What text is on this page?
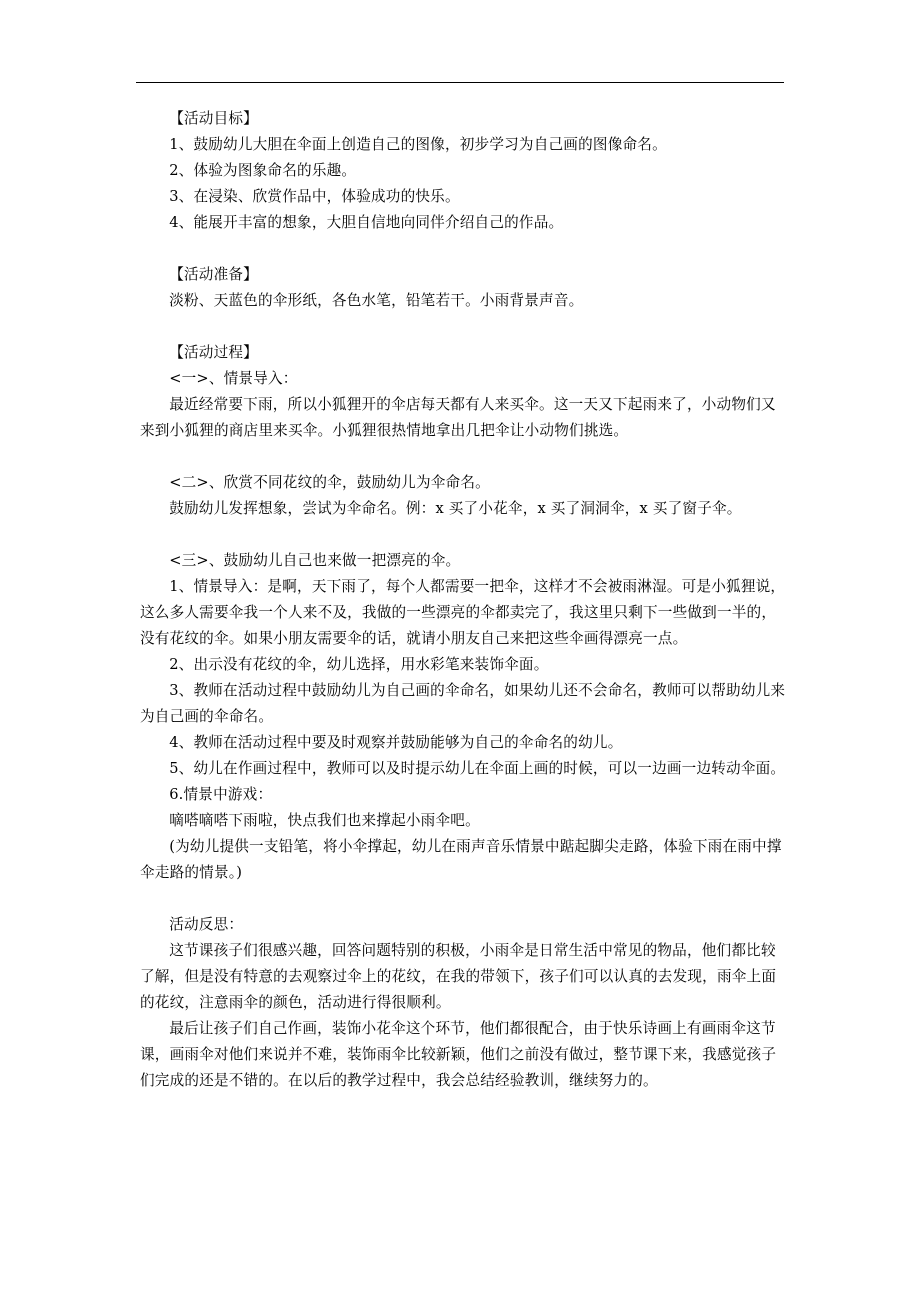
【活动目标】

1、鼓励幼儿大胆在伞面上创造自己的图像，初步学习为自己画的图像命名。

2、体验为图象命名的乐趣。

3、在浸染、欣赏作品中，体验成功的快乐。

4、能展开丰富的想象，大胆自信地向同伴介绍自己的作品。

【活动准备】

淡粉、天蓝色的伞形纸，各色水笔，铅笔若干。小雨背景声音。

【活动过程】

<一>、情景导入：

最近经常要下雨，所以小狐狸开的伞店每天都有人来买伞。这一天又下起雨来了，小动物们又来到小狐狸的商店里来买伞。小狐狸很热情地拿出几把伞让小动物们挑选。

<二>、欣赏不同花纹的伞，鼓励幼儿为伞命名。

鼓励幼儿发挥想象，尝试为伞命名。例：x 买了小花伞，x 买了洞洞伞，x 买了窗子伞。

<三>、鼓励幼儿自己也来做一把漂亮的伞。

1、情景导入：是啊，天下雨了，每个人都需要一把伞，这样才不会被雨淋湿。可是小狐狸说，这么多人需要伞我一个人来不及，我做的一些漂亮的伞都卖完了，我这里只剩下一些做到一半的，没有花纹的伞。如果小朋友需要伞的话，就请小朋友自己来把这些伞画得漂亮一点。

2、出示没有花纹的伞，幼儿选择，用水彩笔来装饰伞面。

3、教师在活动过程中鼓励幼儿为自己画的伞命名，如果幼儿还不会命名，教师可以帮助幼儿来为自己画的伞命名。

4、教师在活动过程中要及时观察并鼓励能够为自己的伞命名的幼儿。

5、幼儿在作画过程中，教师可以及时提示幼儿在伞面上画的时候，可以一边画一边转动伞面。

6.情景中游戏：

嘀嗒嘀嗒下雨啦，快点我们也来撑起小雨伞吧。

(为幼儿提供一支铅笔，将小伞撑起，幼儿在雨声音乐情景中踮起脚尖走路，体验下雨在雨中撑伞走路的情景。)

活动反思：

这节课孩子们很感兴趣，回答问题特别的积极，小雨伞是日常生活中常见的物品，他们都比较了解，但是没有特意的去观察过伞上的花纹，在我的带领下，孩子们可以认真的去发现，雨伞上面的花纹，注意雨伞的颜色，活动进行得很顺利。

最后让孩子们自己作画，装饰小花伞这个环节，他们都很配合，由于快乐诗画上有画雨伞这节课，画雨伞对他们来说并不难，装饰雨伞比较新颖，他们之前没有做过，整节课下来，我感觉孩子们完成的还是不错的。在以后的教学过程中，我会总结经验教训，继续努力的。
